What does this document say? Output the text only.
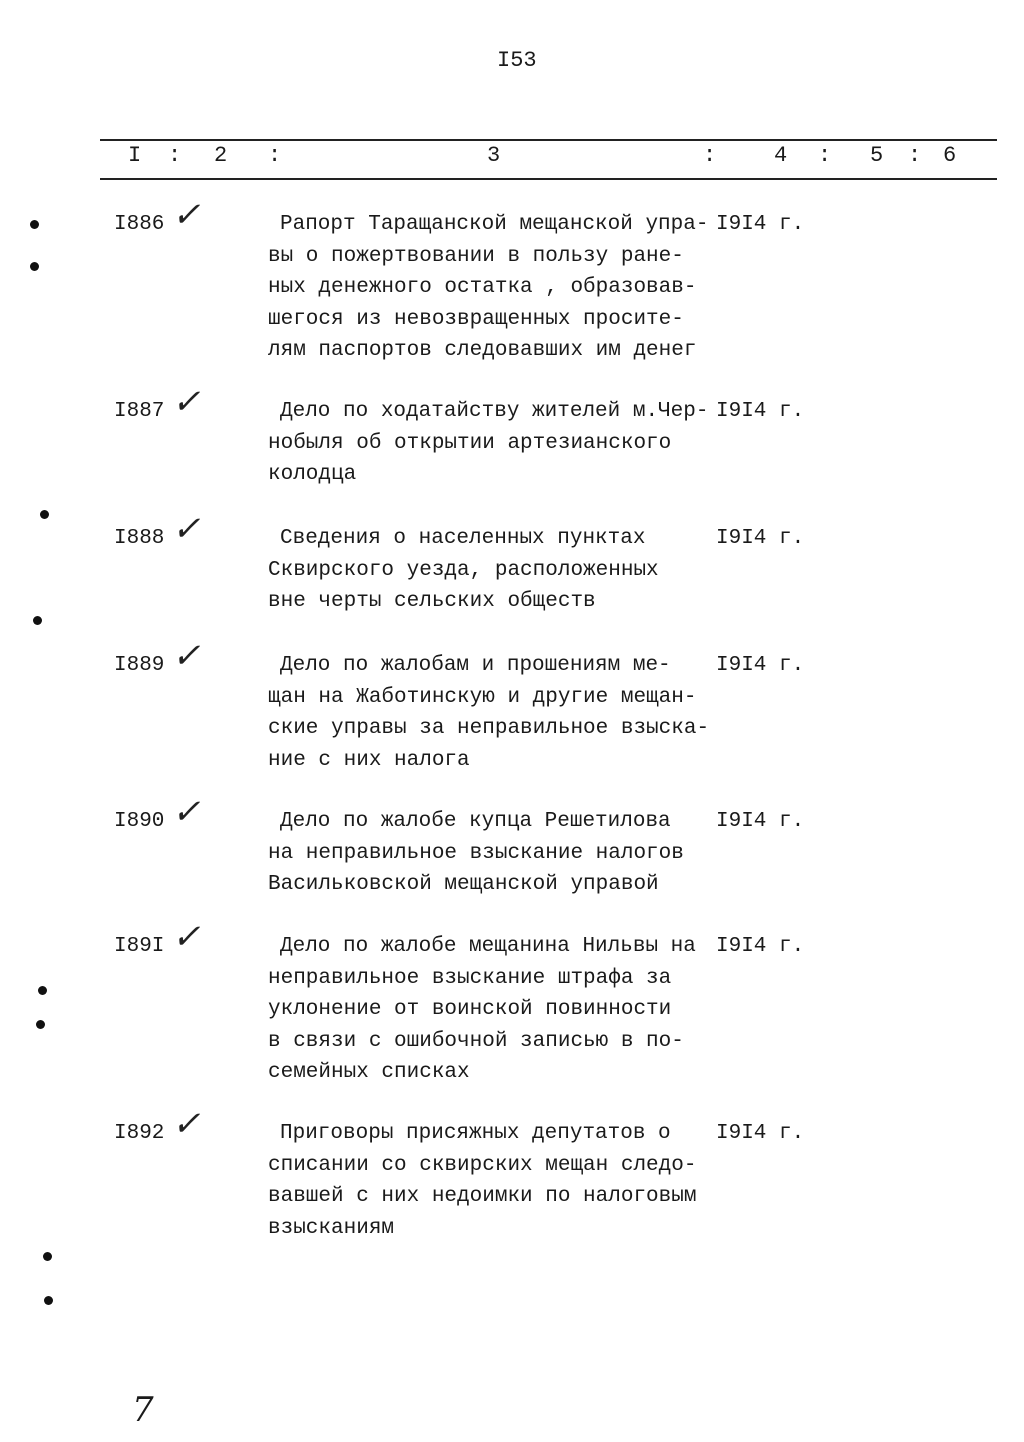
I53
I : 2 :	3	:	4 : 5 : 6
I886 ✓	Рапорт Таращанской мещанской упра-
вы о пожертвовании в пользу ране-
ных денежного остатка , образовав-
шегося из невозвращенных просите-
лям паспортов следовавших им денег
I9I4 г.
I887 ✓	Дело по ходатайству жителей м.Чер-
нобыля об открытии артезианского
колодца
I9I4 г.
I888 ✓	Сведения о населенных пунктах
Сквирского уезда, расположенных
вне черты сельских обществ
I9I4 г.
I889 ✓	Дело по жалобам и прошениям ме-
щан на Жаботинскую и другие мещан-
ские управы за неправильное взыска-
ние с них налога
I9I4 г.
I890 ✓	Дело по жалобе купца Решетилова
на неправильное взыскание налогов
Васильковской мещанской управой
I9I4 г.
I89I ✓	Дело по жалобе мещанина Нильвы на
неправильное взыскание штрафа за
уклонение от воинской повинности
в связи с ошибочной записью в по-
семейных списках
I9I4 г.
I892 ✓	Приговоры присяжных депутатов о
списании со сквирских мещан следо-
вавшей с них недоимки по налоговым
взысканиям
I9I4 г.
7
